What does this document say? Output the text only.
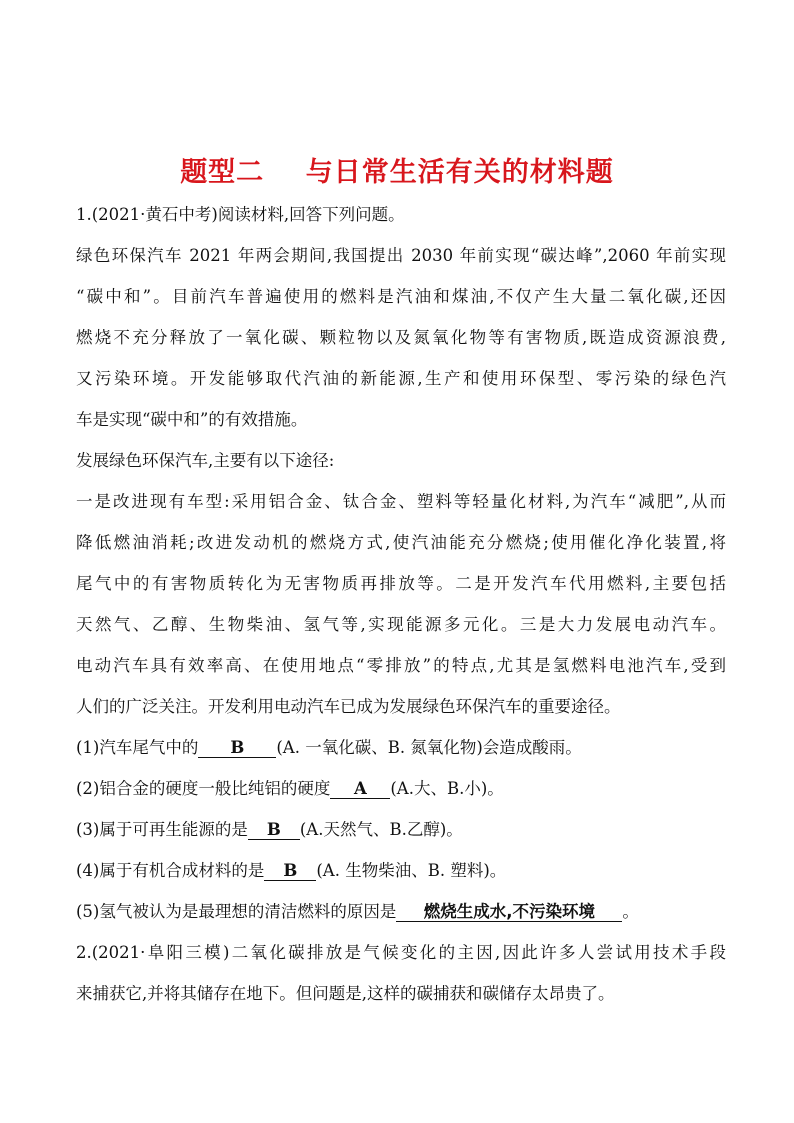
题型二    与日常生活有关的材料题
1.(2021·黄石中考)阅读材料,回答下列问题。
绿色环保汽车 2021 年两会期间,我国提出 2030 年前实现“碳达峰”,2060 年前实现
“碳中和”。目前汽车普遍使用的燃料是汽油和煤油,不仅产生大量二氧化碳,还因
燃烧不充分释放了一氧化碳、颗粒物以及氮氧化物等有害物质,既造成资源浪费,
又污染环境。开发能够取代汽油的新能源,生产和使用环保型、零污染的绿色汽
车是实现“碳中和”的有效措施。
发展绿色环保汽车,主要有以下途径:
一是改进现有车型:采用铝合金、钛合金、塑料等轻量化材料,为汽车“减肥”,从而
降低燃油消耗;改进发动机的燃烧方式,使汽油能充分燃烧;使用催化净化装置,将
尾气中的有害物质转化为无害物质再排放等。二是开发汽车代用燃料,主要包括
天然气、乙醇、生物柴油、氢气等,实现能源多元化。三是大力发展电动汽车。
电动汽车具有效率高、在使用地点“零排放”的特点,尤其是氢燃料电池汽车,受到
人们的广泛关注。开发利用电动汽车已成为发展绿色环保汽车的重要途径。
(1)汽车尾气中的 B (A. 一氧化碳、B. 氮氧化物)会造成酸雨。
(2)铝合金的硬度一般比纯铝的硬度 A (A.大、B.小)。
(3)属于可再生能源的是 B (A.天然气、B.乙醇)。
(4)属于有机合成材料的是 B (A. 生物柴油、B. 塑料)。
(5)氢气被认为是最理想的清洁燃料的原因是 燃烧生成水,不污染环境 。
2.(2021·阜阳三模)二氧化碳排放是气候变化的主因,因此许多人尝试用技术手段
来捕获它,并将其储存在地下。但问题是,这样的碳捕获和碳储存太昂贵了。
